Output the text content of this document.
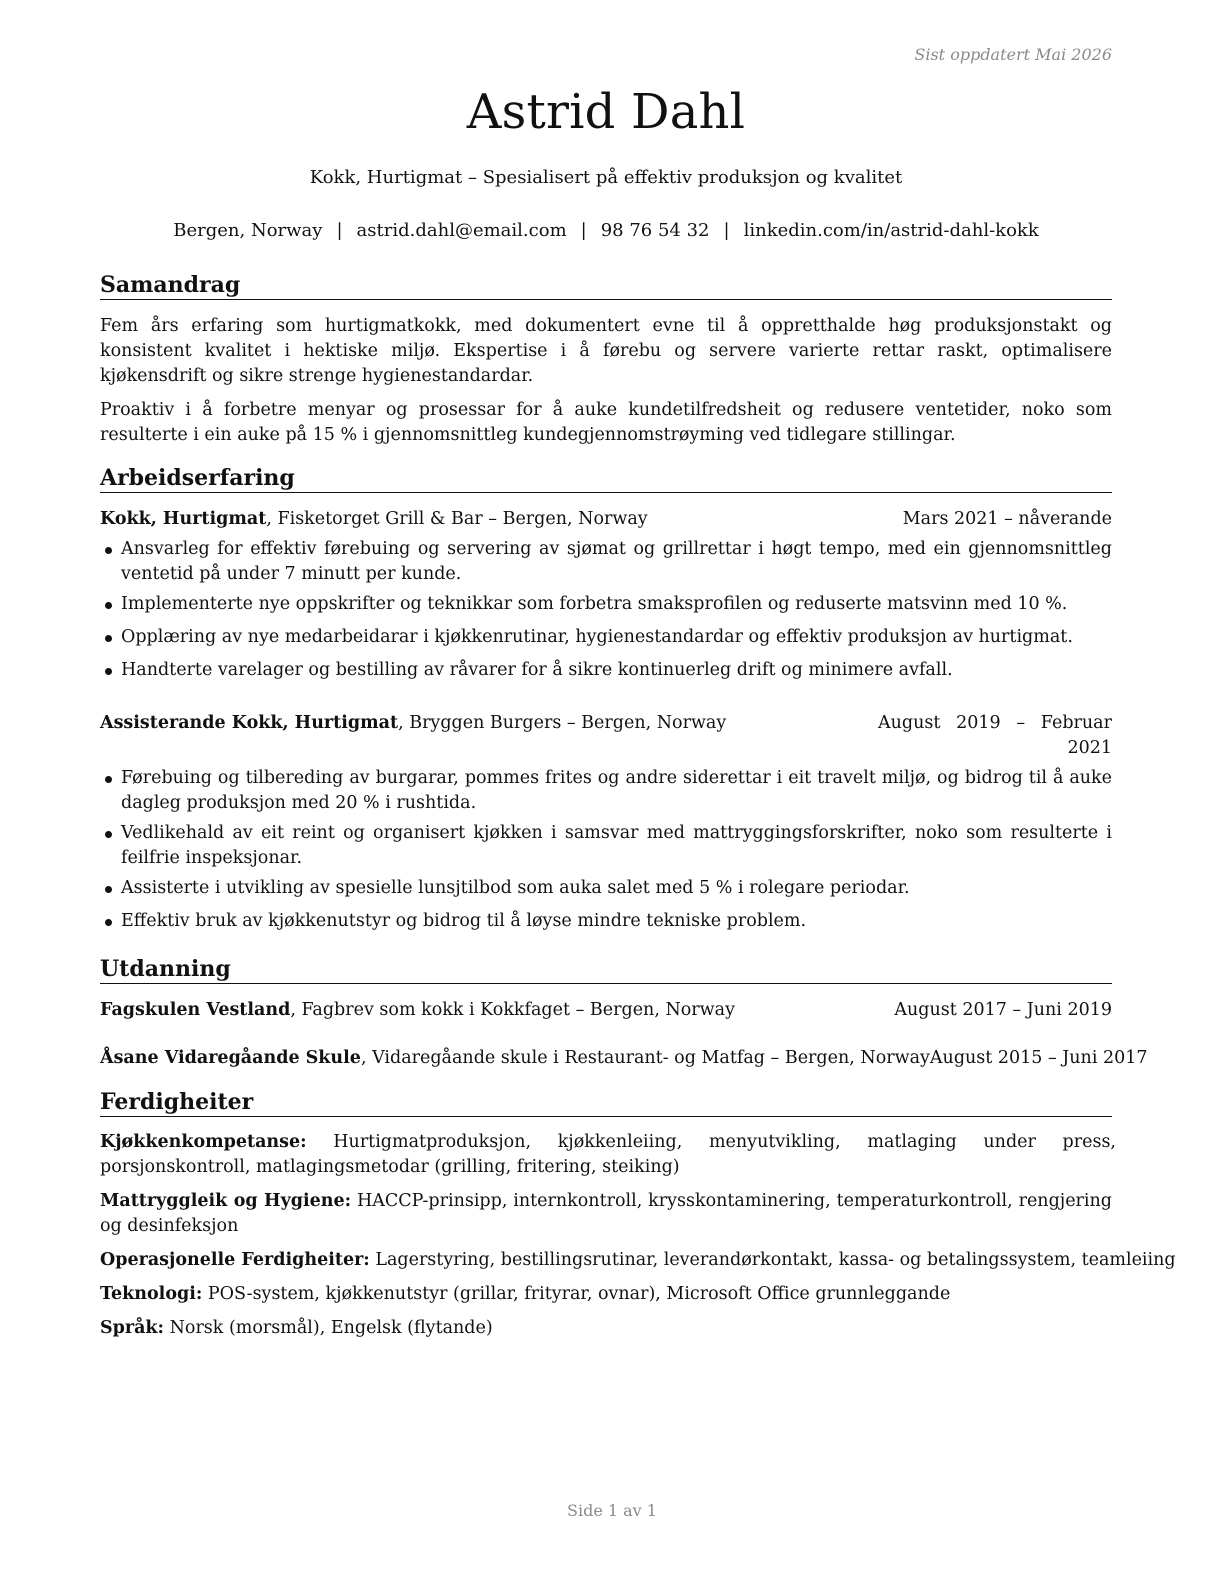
Sist oppdatert Mai 2026
Astrid Dahl
Kokk, Hurtigmat – Spesialisert på effektiv produksjon og kvalitet
Bergen, Norway | astrid.dahl@email.com | 98 76 54 32 | linkedin.com/in/astrid-dahl-kokk
Samandrag
Fem års erfaring som hurtigmatkokk, med dokumentert evne til å oppretthalde høg produksjonstakt og konsistent kvalitet i hektiske miljø. Ekspertise i å førebu og servere varierte rettar raskt, optimalisere kjøkensdrift og sikre strenge hygienestandardar.
Proaktiv i å forbetre menyar og prosessar for å auke kundetilfredsheit og redusere ventetider, noko som resulterte i ein auke på 15 % i gjennomsnittleg kundegjennomstrøyming ved tidlegare stillingar.
Arbeidserfaring
Kokk, Hurtigmat, Fisketorget Grill & Bar – Bergen, Norway	Mars 2021 – nåverande
Ansvarleg for effektiv førebuing og servering av sjømat og grillrettar i høgt tempo, med ein gjennomsnittleg ventetid på under 7 minutt per kunde.
Implementerte nye oppskrifter og teknikkar som forbetra smaksprofilen og reduserte matsvinn med 10 %.
Opplæring av nye medarbeidarar i kjøkkenrutinar, hygienestandardar og effektiv produksjon av hurtigmat.
Handterte varelager og bestilling av råvarer for å sikre kontinuerleg drift og minimere avfall.
Assisterande Kokk, Hurtigmat, Bryggen Burgers – Bergen, Norway	August 2019 – Februar 2021
Førebuing og tilbereding av burgarar, pommes frites og andre siderettar i eit travelt miljø, og bidrog til å auke dagleg produksjon med 20 % i rushtida.
Vedlikehald av eit reint og organisert kjøkken i samsvar med mattryggingsforskrifter, noko som resulterte i feilfrie inspeksjonar.
Assisterte i utvikling av spesielle lunsjtilbod som auka salet med 5 % i rolegare periodar.
Effektiv bruk av kjøkkenutstyr og bidrog til å løyse mindre tekniske problem.
Utdanning
Fagskulen Vestland, Fagbrev som kokk i Kokkfaget – Bergen, Norway	August 2017 – Juni 2019
Åsane Vidaregåande Skule, Vidaregåande skule i Restaurant- og Matfag – Bergen, Norway August 2015 – Juni 2017
Ferdigheiter
Kjøkkenkompetanse: Hurtigmatproduksjon, kjøkkenleiing, menyutvikling, matlaging under press, porsjonskontroll, matlagingsmetodar (grilling, fritering, steiking)
Mattryggleik og Hygiene: HACCP-prinsipp, internkontroll, krysskontaminering, temperaturkontroll, rengjering og desinfeksjon
Operasjonelle Ferdigheiter: Lagerstyring, bestillingsrutinar, leverandørkontakt, kassa- og betalingssystem, teamleiing
Teknologi: POS-system, kjøkkenutstyr (grillar, frityrar, ovnar), Microsoft Office grunnleggande
Språk: Norsk (morsmål), Engelsk (flytande)
Side 1 av 1
